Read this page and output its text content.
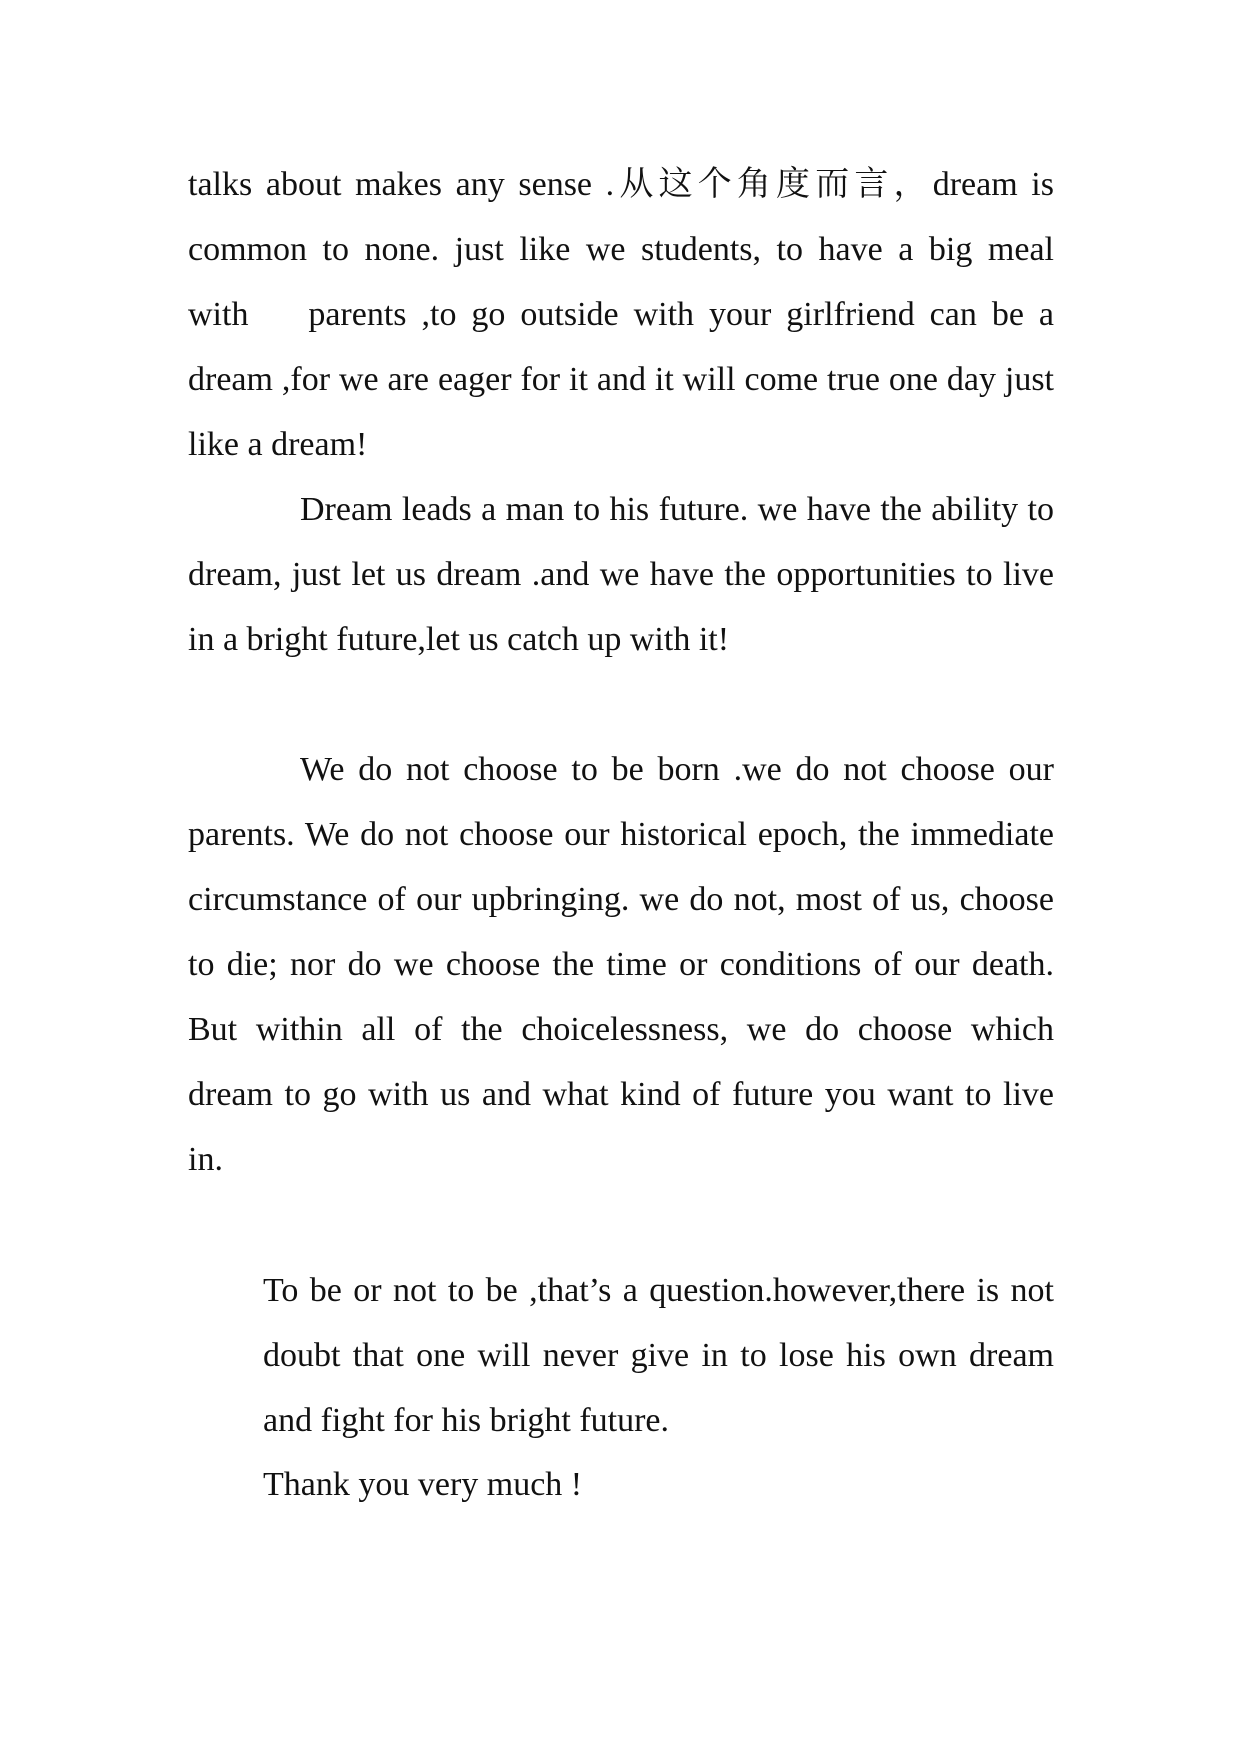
talks about makes any sense .从这个角度而言，dream is common to none. just like we students, to have a big meal with    parents ,to go outside with your girlfriend can be a dream ,for we are eager for it and it will come true one day just like a dream!

Dream leads a man to his future. we have the ability to dream, just let us dream .and we have the opportunities to live in a bright future,let us catch up with it!

We do not choose to be born .we do not choose our parents. We do not choose our historical epoch, the immediate circumstance of our upbringing. we do not, most of us, choose to die; nor do we choose the time or conditions of our death. But within all of the choicelessness, we do choose which dream to go with us and what kind of future you want to live in.

To be or not to be ,that’s a question.however,there is not doubt that one will never give in to lose his own dream and fight for his bright future.

Thank you very much !
